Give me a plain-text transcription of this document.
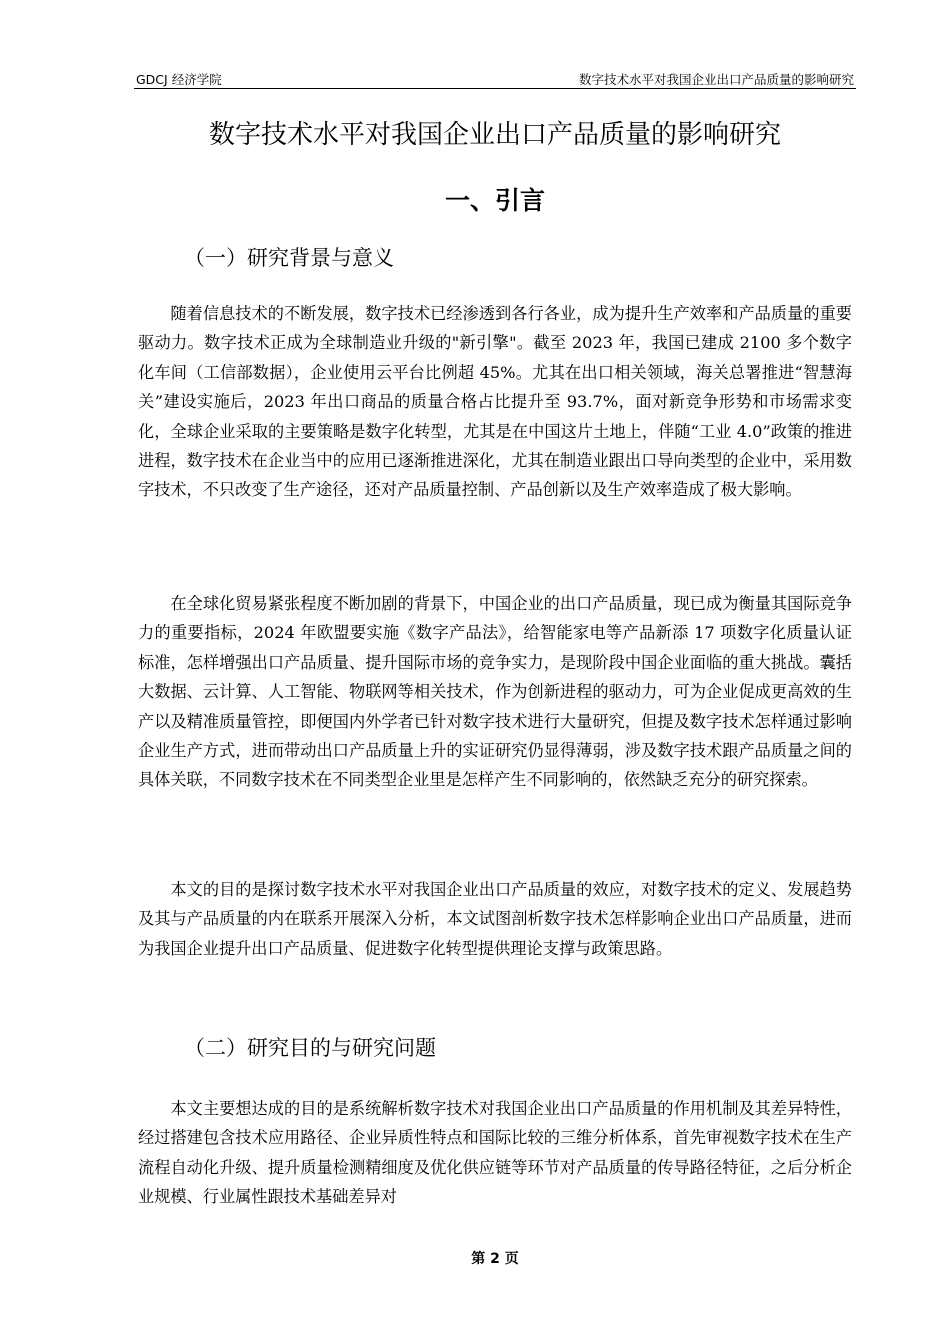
GDCJ 经济学院	数字技术水平对我国企业出口产品质量的影响研究
数字技术水平对我国企业出口产品质量的影响研究
一、引言
（一）研究背景与意义

随着信息技术的不断发展，数字技术已经渗透到各行各业，成为提升生产效率和产品质量的重要驱动力。数字技术正成为全球制造业升级的"新引擎"。截至 2023 年，我国已建成 2100 多个数字化车间（工信部数据），企业使用云平台比例超 45%。尤其在出口相关领域，海关总署推进“智慧海关”建设实施后，2023 年出口商品的质量合格占比提升至 93.7%，面对新竞争形势和市场需求变化，全球企业采取的主要策略是数字化转型，尤其是在中国这片土地上，伴随“工业 4.0”政策的推进进程，数字技术在企业当中的应用已逐渐推进深化，尤其在制造业跟出口导向类型的企业中，采用数字技术，不只改变了生产途径，还对产品质量控制、产品创新以及生产效率造成了极大影响。

在全球化贸易紧张程度不断加剧的背景下，中国企业的出口产品质量，现已成为衡量其国际竞争力的重要指标，2024 年欧盟要实施《数字产品法》，给智能家电等产品新添 17 项数字化质量认证标准，怎样增强出口产品质量、提升国际市场的竞争实力，是现阶段中国企业面临的重大挑战。囊括大数据、云计算、人工智能、物联网等相关技术，作为创新进程的驱动力，可为企业促成更高效的生产以及精准质量管控，即便国内外学者已针对数字技术进行大量研究，但提及数字技术怎样通过影响企业生产方式，进而带动出口产品质量上升的实证研究仍显得薄弱，涉及数字技术跟产品质量之间的具体关联，不同数字技术在不同类型企业里是怎样产生不同影响的，依然缺乏充分的研究探索。

本文的目的是探讨数字技术水平对我国企业出口产品质量的效应，对数字技术的定义、发展趋势及其与产品质量的内在联系开展深入分析，本文试图剖析数字技术怎样影响企业出口产品质量，进而为我国企业提升出口产品质量、促进数字化转型提供理论支撑与政策思路。

（二）研究目的与研究问题

本文主要想达成的目的是系统解析数字技术对我国企业出口产品质量的作用机制及其差异特性，经过搭建包含技术应用路径、企业异质性特点和国际比较的三维分析体系，首先审视数字技术在生产流程自动化升级、提升质量检测精细度及优化供应链等环节对产品质量的传导路径特征，之后分析企业规模、行业属性跟技术基础差异对

第 2 页
